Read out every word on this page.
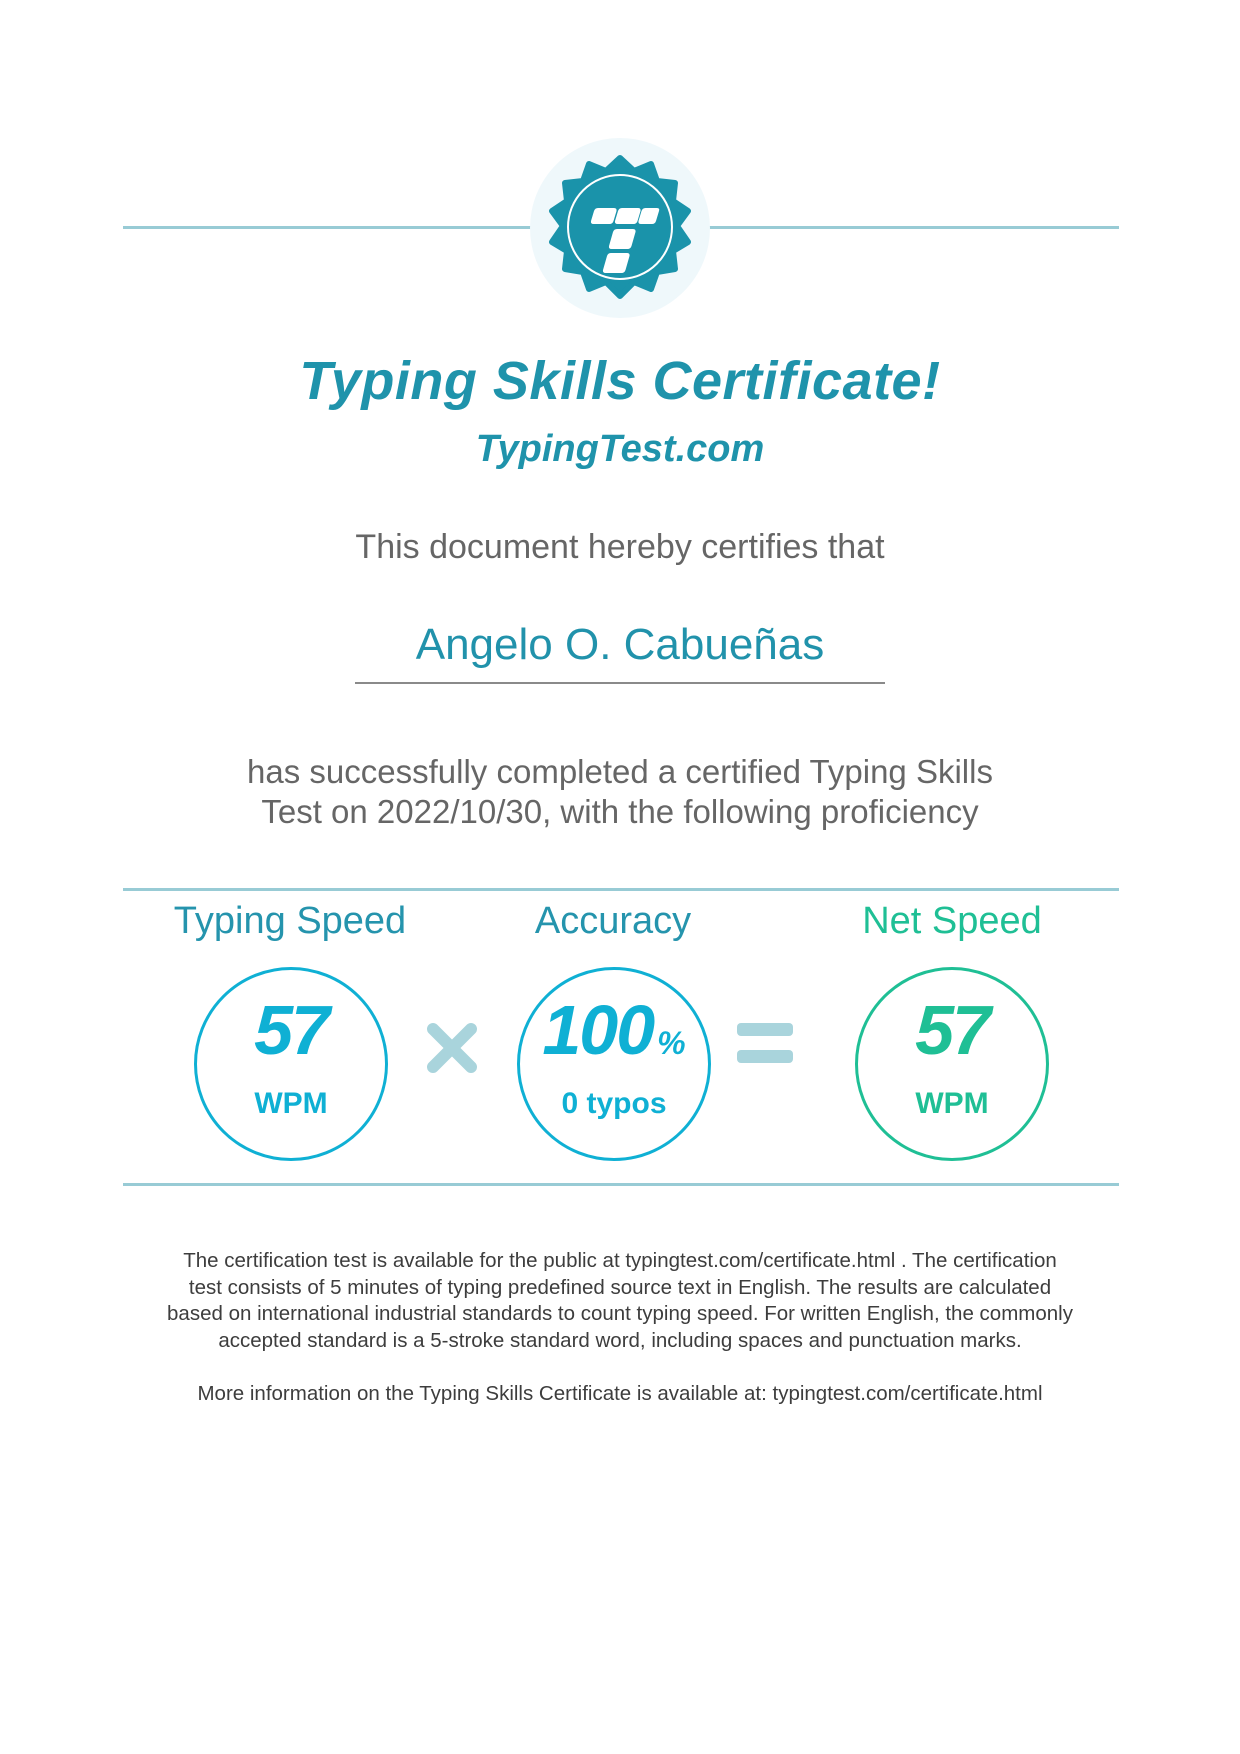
Typing Skills Certificate!
TypingTest.com
This document hereby certifies that
Angelo O. Cabueñas
has successfully completed a certified Typing Skills
Test on 2022/10/30, with the following proficiency
Typing Speed	Accuracy	Net Speed
57
WPM
100 %
0 typos
57
WPM
The certification test is available for the public at typingtest.com/certificate.html . The certification
test consists of 5 minutes of typing predefined source text in English. The results are calculated
based on international industrial standards to count typing speed. For written English, the commonly
accepted standard is a 5-stroke standard word, including spaces and punctuation marks.
More information on the Typing Skills Certificate is available at: typingtest.com/certificate.html
